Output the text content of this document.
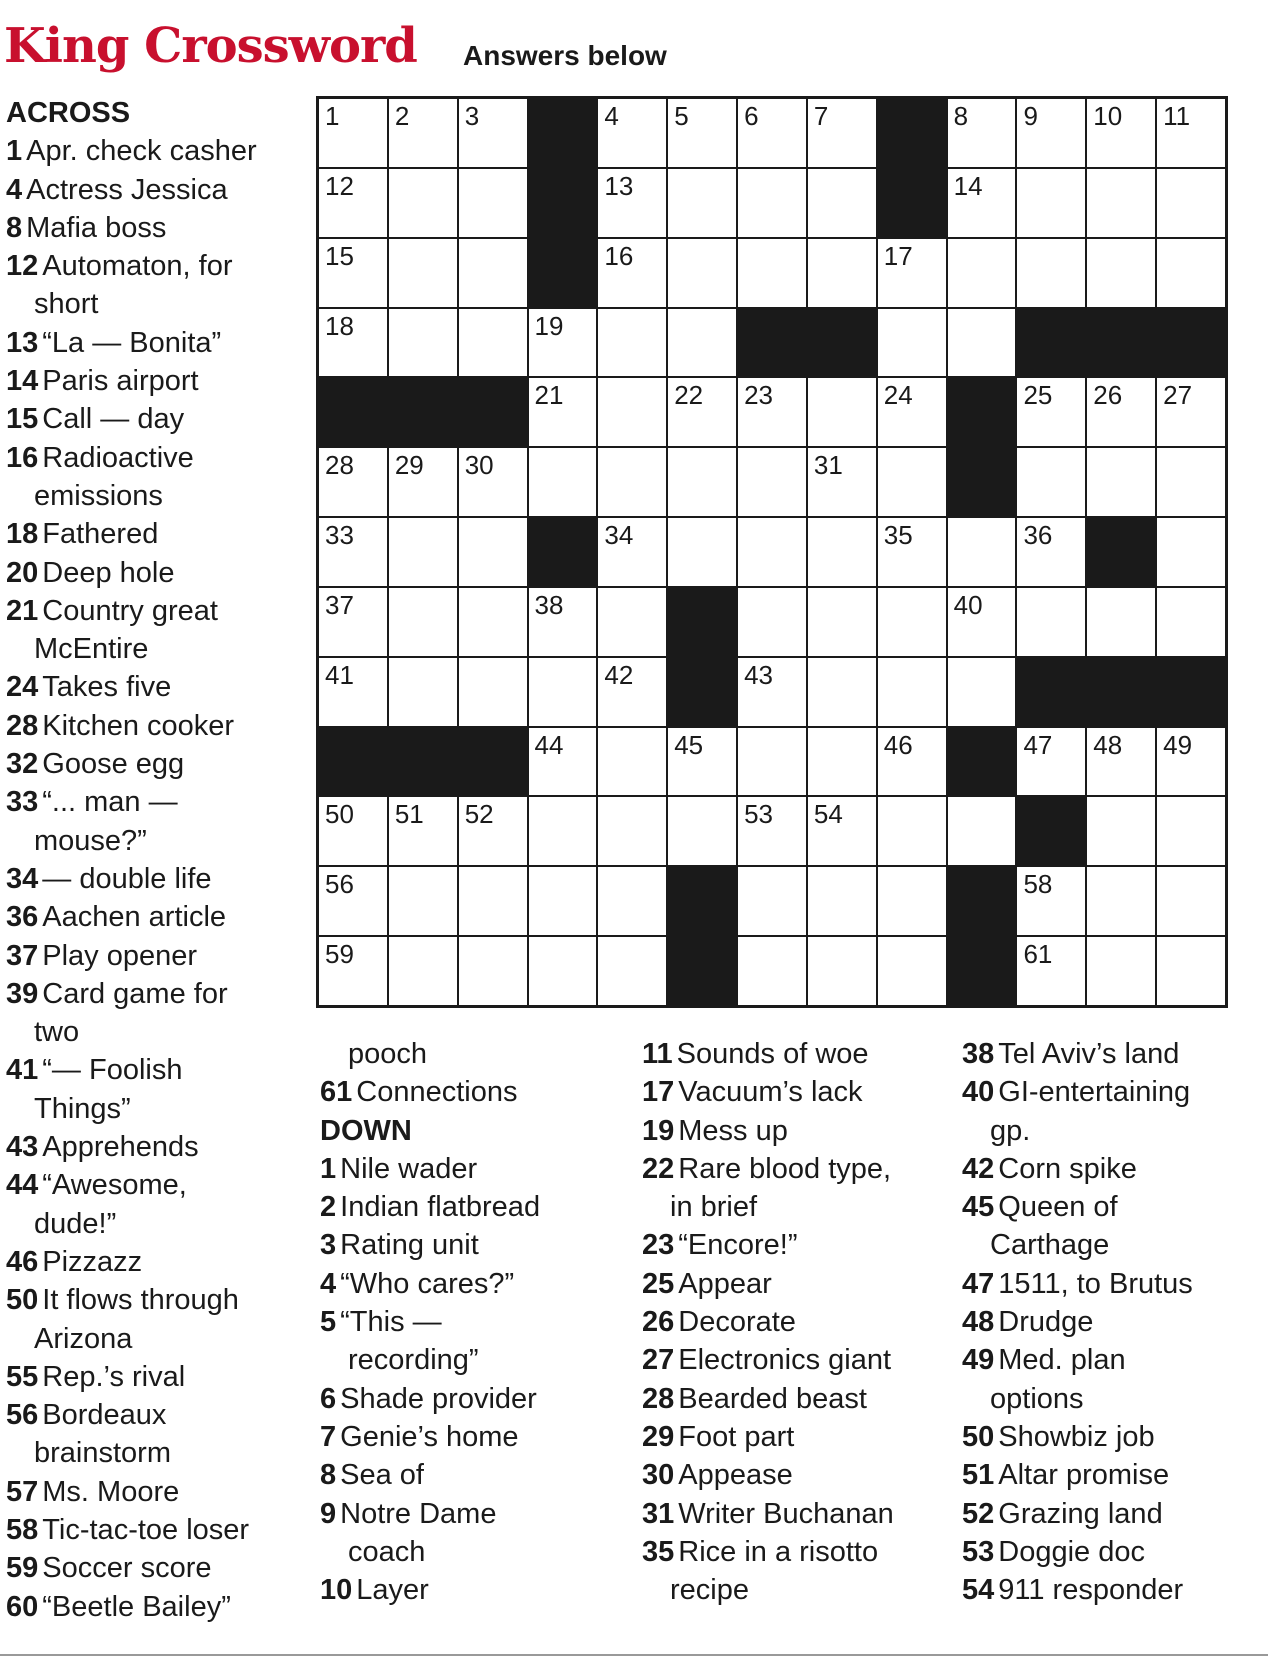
King Crossword Answers below
1 2 3	4 5 6 7	8 9 10 11
12	13	14
15	16	17
18	19
21	22 23	24	25 26 27
28 29 30	31
33	34	35	36
37	38	40
41	42	43
44	45	46	47 48 49
50 51 52	53 54
56	58
59	61
ACROSS
1 Apr. check casher
4 Actress Jessica
8 Mafia boss
12 Automaton, for
short
13 “La — Bonita”
14 Paris airport
15 Call — day
16 Radioactive
emissions
18 Fathered
20 Deep hole
21 Country great
McEntire
24 Takes five
28 Kitchen cooker
32 Goose egg
33 “... man —
mouse?”
34 — double life
36 Aachen article
37 Play opener
39 Card game for
two
41 “— Foolish
Things”
43 Apprehends
44 “Awesome,
dude!”
46 Pizzazz
50 It flows through
Arizona
55 Rep.’s rival
56 Bordeaux
brainstorm
57 Ms. Moore
58 Tic-tac-toe loser
59 Soccer score
60 “Beetle Bailey”
pooch
61 Connections
DOWN
1 Nile wader
2 Indian flatbread
3 Rating unit
4 “Who cares?”
5 “This —
recording”
6 Shade provider
7 Genie’s home
8 Sea of
9 Notre Dame
coach
10 Layer
11 Sounds of woe
17 Vacuum’s lack
19 Mess up
22 Rare blood type,
in brief
23 “Encore!”
25 Appear
26 Decorate
27 Electronics giant
28 Bearded beast
29 Foot part
30 Appease
31 Writer Buchanan
35 Rice in a risotto
recipe
38 Tel Aviv’s land
40 GI-entertaining
gp.
42 Corn spike
45 Queen of
Carthage
47 1511, to Brutus
48 Drudge
49 Med. plan
options
50 Showbiz job
51 Altar promise
52 Grazing land
53 Doggie doc
54 911 responder
